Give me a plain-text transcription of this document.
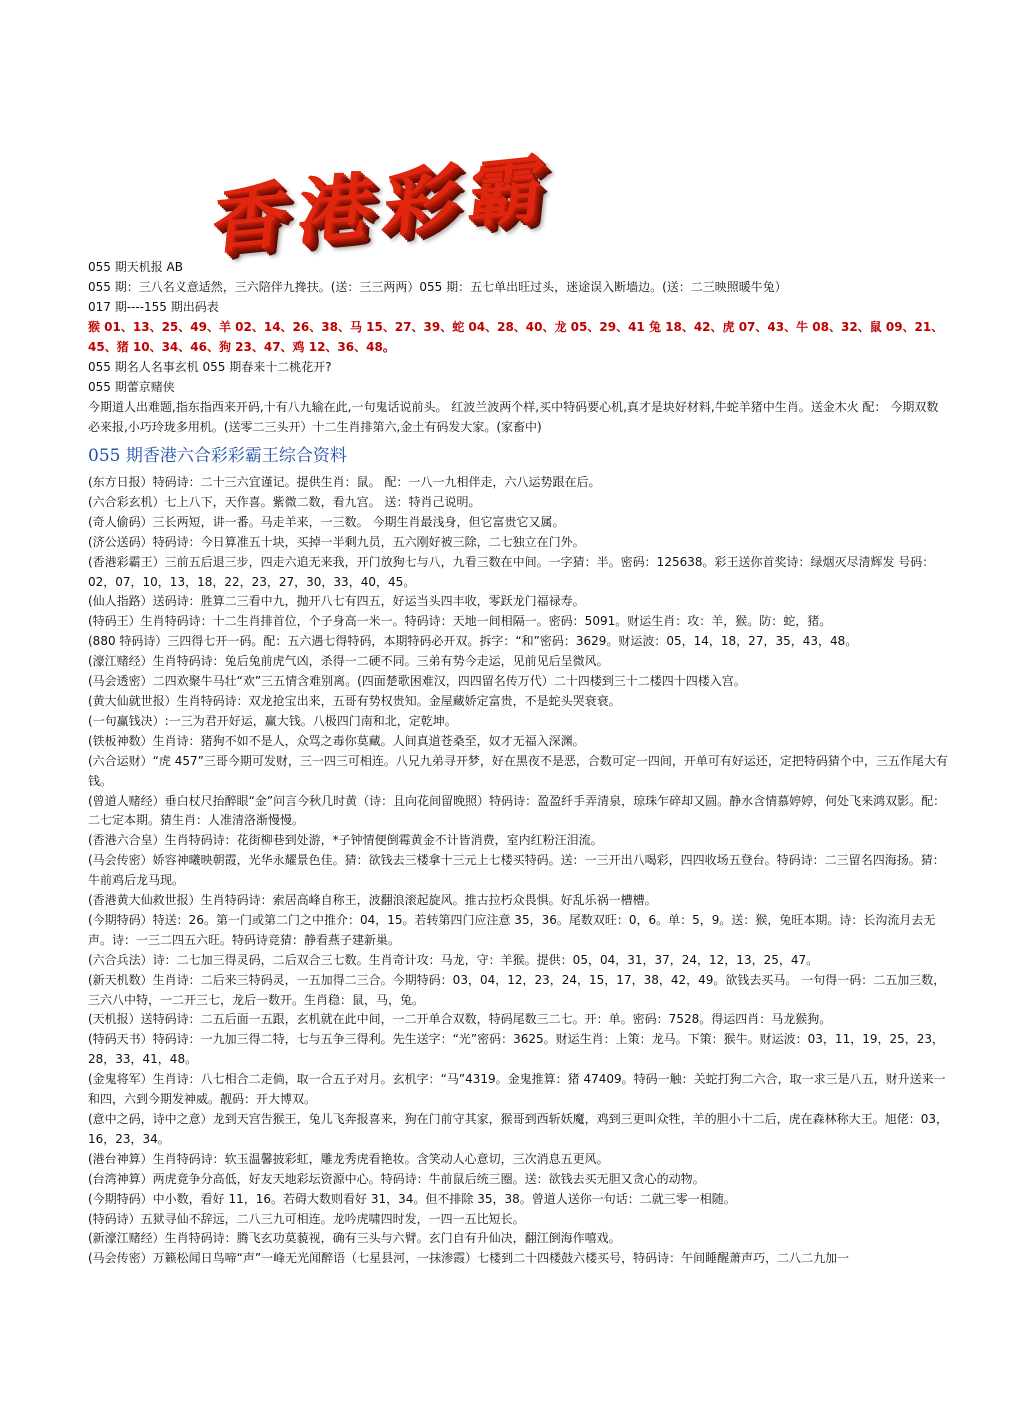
香港彩霸

055 期天机报 AB

055 期：三八名义意适然，三六陪伴九搀扶。(送：三三两两）055 期：五七单出旺过头，迷途误入断墙边。(送：二三映照暖牛兔）

017 期----155 期出码表

猴 01、13、25、49、羊 02、14、26、38、马 15、27、39、蛇 04、28、40、龙 05、29、41 兔 18、42、虎 07、43、牛 08、32、鼠 09、21、45、猪 10、34、46、狗 23、47、鸡 12、36、48。

055 期名人名事玄机 055 期春来十二桃花开?

055 期蕾京赌侠

今期道人出难题,指东指西来开码,十有八九输在此,一句鬼话说前头。 红波兰波两个样,买中特码要心机,真才是块好材料,牛蛇羊猪中生肖。送金木火 配： 今期双数必来报,小巧玲珑多用机。(送零二三头开）十二生肖排第六,金土有码发大家。(家畜中)

055 期香港六合彩彩霸王综合资料

(东方日报）特码诗：二十三六宜谨记。提供生肖：鼠。 配：一八一九相伴走，六八运势跟在后。

(六合彩玄机）七上八下，天作喜。紫微二数，看九宫。 送：特肖己说明。

(奇人偷码）三长两短，讲一番。马走羊来，一三数。 今期生肖最浅身，但它富贵它又属。

(济公送码）特码诗：今日算准五十块，买掉一半剩九员，五六刚好被三除，二七独立在门外。

(香港彩霸王）三前五后退三步，四走六追无来我，开门放狗七与八，九看三数在中间。一字猜：半。密码：125638。彩王送你首奖诗：绿烟灭尽清辉发 号码：02，07，10，13，18，22，23，27，30，33，40，45。

(仙人指路）送码诗：胜算二三看中九，抛开八七有四五，好运当头四丰收，零跃龙门福禄寿。

(特码王）生肖特码诗：十二生肖排首位，个子身高一米一。特码诗：天地一间相隔一。密码：5091。财运生肖：攻：羊，猴。防：蛇，猪。

(880 特码诗）三四得七开一码。配：五六遇七得特码，本期特码必开双。拆字：“和”密码：3629。财运波：05，14，18，27，35，43，48。

(濠江赌经）生肖特码诗：兔后兔前虎气凶，杀得一二硬不同。三弟有势今走运，见前见后呈微风。

(马会透密）二四欢聚牛马壮“欢”三五情含难别离。(四面楚歌困难汉，四四留名传万代）二十四楼到三十二楼四十四楼入宫。

(黄大仙就世报）生肖特码诗：双龙抢宝出来，五哥有势权贵知。金屋藏娇定富贵，不是蛇头哭衰衰。

(一句赢钱决）:一三为君开好运，赢大钱。八极四门南和北，定乾坤。

(铁板神数）生肖诗：猪狗不如不是人，众骂之毒你莫藏。人间真道苍桑至，奴才无福入深渊。

(六合运财）“虎 457”三哥今期可发财，三一四三可相连。八兄九弟寻开梦，好在黑夜不是恶，合数可定一四间，开单可有好运还，定把特码猜个中，三五作尾大有钱。

(曾道人赌经）垂白杖尺抬醉眼“金”问言今秋几时黄（诗：且向花间留晚照）特码诗：盈盈纤手弄清泉，琼珠乍碎却又圆。静水含情慕婷婷，何处飞来鸿双影。配：二七定本期。猜生肖：人准清洛渐慢慢。

(香港六合皇）生肖特码诗：花街柳巷到处游，*子钟情便倒霉黄金不计皆消费，室内红粉汪泪流。

(马会传密）娇容神曦映朝霞，光华永耀景色佳。猜：欲钱去三楼拿十三元上七楼买特码。送：一三开出八喝彩，四四收场五登台。特码诗：二三留名四海扬。猜：牛前鸡后龙马现。

(香港黄大仙救世报）生肖特码诗：索居高峰自称王，波翻浪滚起旋风。推古拉朽众畏惧。好乱乐祸一槽槽。

(今期特码）特送：26。第一门或第二门之中推介：04，15。若转第四门应注意 35，36。尾数双旺：0，6。单：5，9。送：猴，兔旺本期。诗：长沟流月去无声。诗：一三二四五六旺。特码诗竞猜：静看燕子建新巢。

(六合兵法）诗：二七加三得灵码，二后双合三七数。生肖奇计攻：马龙，守：羊猴。提供：05，04，31，37，24，12，13，25，47。

(新天机数）生肖诗：二后来三特码灵，一五加得二三合。今期特码：03，04，12，23，24，15，17，38，42，49。欲钱去买马。 一句得一码：二五加三数，三六八中特，一二开三七，龙后一数开。生肖稳：鼠，马，兔。

(天机报）送特码诗：二五后面一五跟，玄机就在此中间，一二开单合双数，特码尾数三二七。开：单。密码：7528。得运四肖：马龙猴狗。

(特码天书）特码诗：一九加三得二特，七与五争三得利。先生送字：“光”密码：3625。财运生肖：上策：龙马。下策：猴牛。财运波：03，11，19，25，23，28，33，41，48。

(金鬼将军）生肖诗：八七相合二走倘，取一合五子对月。玄机字：“马”4319。金鬼推算：猪 47409。特码一触：关蛇打狗二六合，取一求三是八五，财升送来一和四，六到今期发神威。靓码：开大博双。

(意中之码，诗中之意）龙到天宫告猴王，兔儿飞奔报喜来，狗在门前守其家，猴哥到西斩妖魔，鸡到三更叫众牲，羊的胆小十二后，虎在森林称大王。旭佬：03，16，23，34。

(港台神算）生肖特码诗：软玉温馨披彩虹，雕龙秀虎看艳妆。含笑动人心意切，三次消息五更风。

(台湾神算）两虎竟争分高低，好友天地彩坛资源中心。特码诗：牛前鼠后统三圈。送：欲钱去买无胆又贪心的动物。

(今期特码）中小数，看好 11，16。若碍大数则看好 31，34。但不排除 35，38。曾道人送你一句话：二就三零一相随。

(特码诗）五狱寻仙不辞远，二八三九可相连。龙吟虎啸四时发，一四一五比短长。

(新濠江赌经）生肖特码诗：腾飞玄功莫藐视，确有三头与六臂。玄门自有升仙决，翻江倒海作嘻戏。

(马会传密）万籁松闻日鸟啼“声”一峰无光闻醉语（七星县河，一抹渗霞）七楼到二十四楼鼓六楼买号，特码诗：午间睡醒萧声巧，二八二九加一
